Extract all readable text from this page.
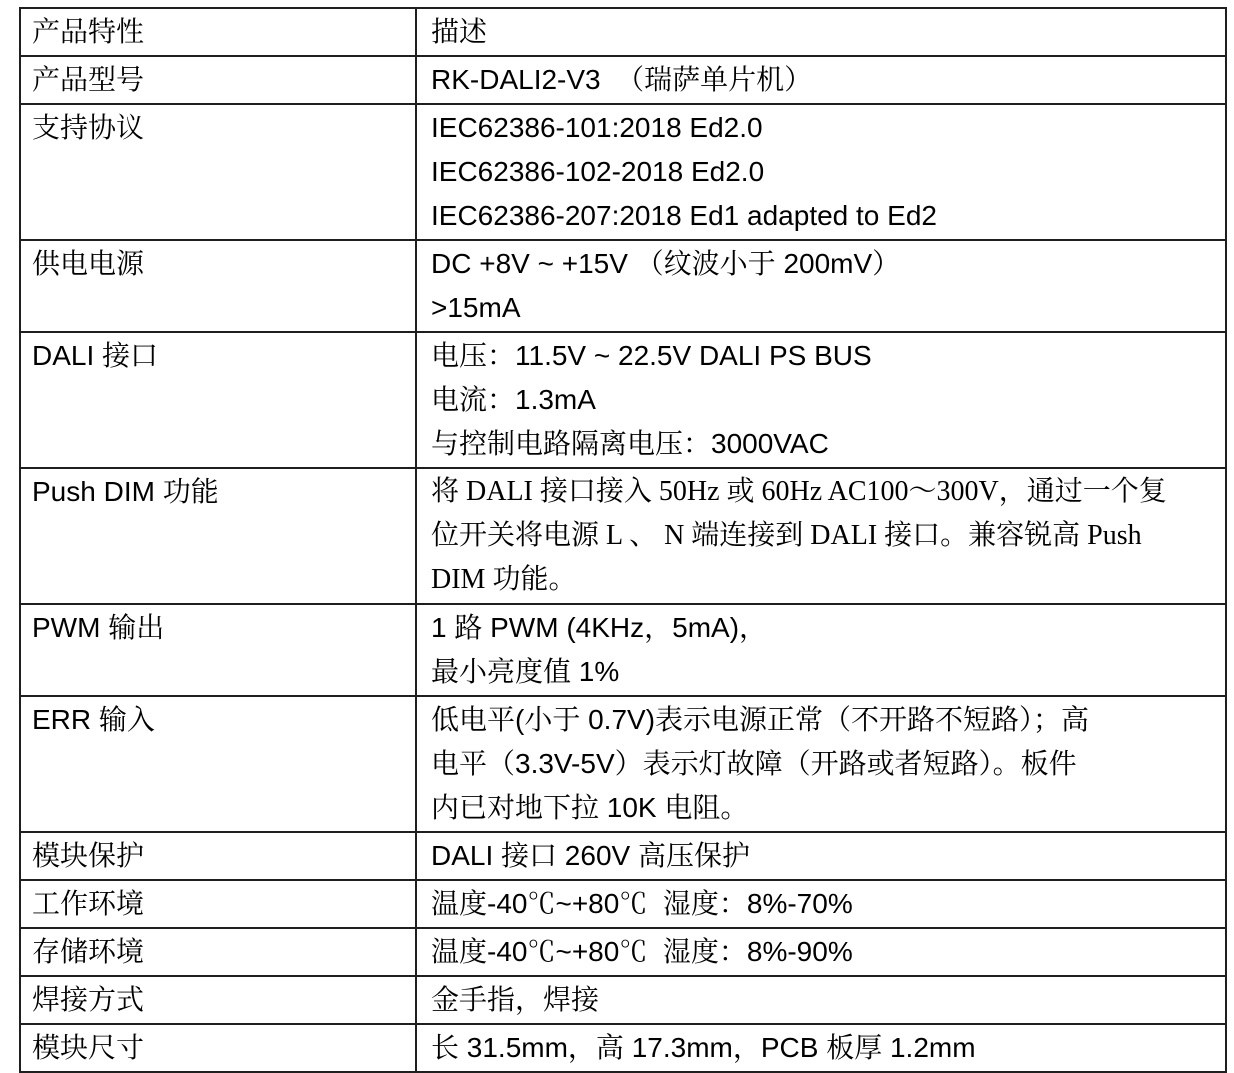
产品特性	描述

产品型号	RK-DALI2-V3  （瑞萨单片机）

支持协议	IEC62386-101:2018 Ed2.0
IEC62386-102-2018 Ed2.0
IEC62386-207:2018 Ed1 adapted to Ed2

供电电源	DC +8V ~ +15V （纹波小于 200mV）
>15mA

DALI 接口	电压：11.5V ~ 22.5V DALI PS BUS
电流：1.3mA
与控制电路隔离电压：3000VAC

Push DIM 功能	将 DALI 接口接入 50Hz 或 60Hz AC100～300V，通过一个复
位开关将电源 L 、 N 端连接到 DALI 接口。兼容锐高 Push
DIM 功能。

PWM 输出	1 路 PWM (4KHz，5mA)，
最小亮度值 1%

ERR 输入	低电平(小于 0.7V)表示电源正常（不开路不短路）；高
电平（3.3V-5V）表示灯故障（开路或者短路）。板件
内已对地下拉 10K 电阻。

模块保护	DALI 接口 260V 高压保护

工作环境	温度-40℃~+80℃  湿度：8%-70%

存储环境	温度-40℃~+80℃  湿度：8%-90%

焊接方式	金手指，焊接

模块尺寸	长 31.5mm，高 17.3mm，PCB 板厚 1.2mm
